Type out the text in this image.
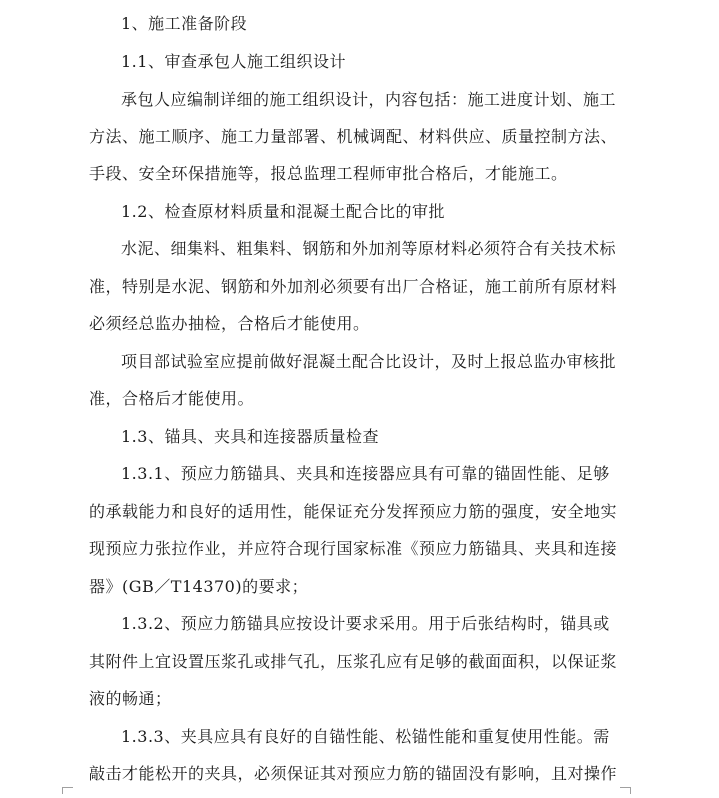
1、施工准备阶段
1.1、审查承包人施工组织设计
承包人应编制详细的施工组织设计，内容包括：施工进度计划、施工
方法、施工顺序、施工力量部署、机械调配、材料供应、质量控制方法、
手段、安全环保措施等，报总监理工程师审批合格后，才能施工。
1.2、检查原材料质量和混凝土配合比的审批
水泥、细集料、粗集料、钢筋和外加剂等原材料必须符合有关技术标
准，特别是水泥、钢筋和外加剂必须要有出厂合格证，施工前所有原材料
必须经总监办抽检，合格后才能使用。
项目部试验室应提前做好混凝土配合比设计，及时上报总监办审核批
准，合格后才能使用。
1.3、锚具、夹具和连接器质量检查
1.3.1、预应力筋锚具、夹具和连接器应具有可靠的锚固性能、足够
的承载能力和良好的适用性，能保证充分发挥预应力筋的强度，安全地实
现预应力张拉作业，并应符合现行国家标准《预应力筋锚具、夹具和连接
器》(GB／T14370)的要求；
1.3.2、预应力筋锚具应按设计要求采用。用于后张结构时，锚具或
其附件上宜设置压浆孔或排气孔，压浆孔应有足够的截面面积，以保证浆
液的畅通；
1.3.3、夹具应具有良好的自锚性能、松锚性能和重复使用性能。需
敲击才能松开的夹具，必须保证其对预应力筋的锚固没有影响，且对操作
